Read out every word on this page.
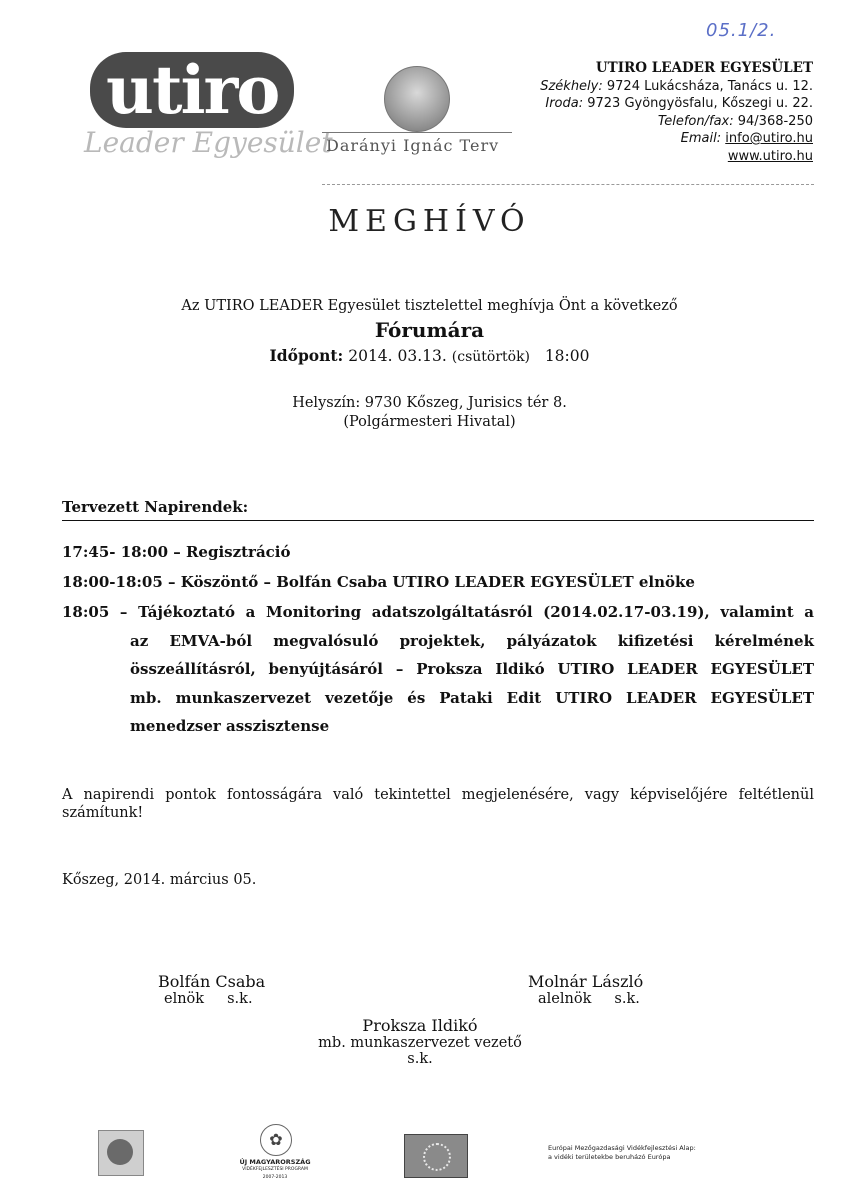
05.1/2.
utiro
Leader Egyesület
Darányi Ignác Terv
UTIRO LEADER EGYESÜLET
Székhely: 9724 Lukácsháza, Tanács u. 12.
Iroda: 9723 Gyöngyösfalu, Kőszegi u. 22.
Telefon/fax: 94/368-250
Email: info@utiro.hu
www.utiro.hu
MEGHÍVÓ
Az UTIRO LEADER Egyesület tisztelettel meghívja Önt a következő
Fórumára
Időpont: 2014. 03.13. (csütörtök) 18:00
Helyszín: 9730 Kőszeg, Jurisics tér 8.
(Polgármesteri Hivatal)
Tervezett Napirendek:
17:45- 18:00 – Regisztráció
18:00-18:05 – Köszöntő – Bolfán Csaba UTIRO LEADER EGYESÜLET elnöke
18:05 – Tájékoztató a Monitoring adatszolgáltatásról (2014.02.17-03.19), valamint a
az EMVA-ból megvalósuló projektek, pályázatok kifizetési kérelmének
összeállításról, benyújtásáról – Proksza Ildikó UTIRO LEADER EGYESÜLET
mb. munkaszervezet vezetője és Pataki Edit UTIRO LEADER EGYESÜLET
menedzser asszisztense
A napirendi pontok fontosságára való tekintettel megjelenésére, vagy képviselőjére feltétlenül számítunk!
Kőszeg, 2014. március 05.
Bolfán Csaba
elnök     s.k.
Molnár László
alelnök     s.k.
Proksza Ildikó
mb. munkaszervezet vezető
s.k.
✿
ÚJ MAGYARORSZÁG
VIDÉKFEJLESZTÉSI PROGRAM
2007-2013
Európai Mezőgazdasági Vidékfejlesztési Alap:
a vidéki területekbe beruházó Európa
